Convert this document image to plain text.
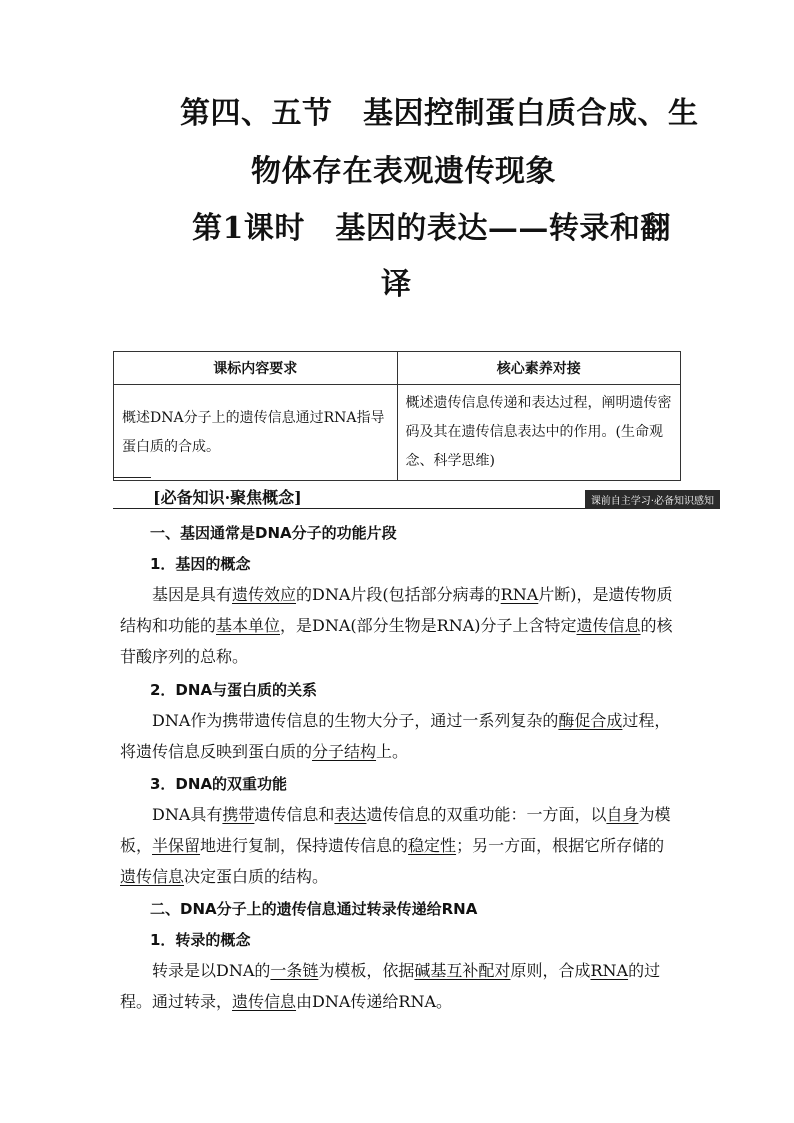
第四、五节　基因控制蛋白质合成、生
物体存在表观遗传现象
第1课时　基因的表达——转录和翻
译
课标内容要求	核心素养对接
概述DNA分子上的遗传信息通过RNA指导蛋白质的合成。	概述遗传信息传递和表达过程，阐明遗传密码及其在遗传信息表达中的作用。(生命观念、科学思维)
[必备知识·聚焦概念]	课前自主学习·必备知识感知
一、基因通常是DNA分子的功能片段
1．基因的概念
基因是具有遗传效应的DNA片段(包括部分病毒的RNA片断)，是遗传物质结构和功能的基本单位，是DNA(部分生物是RNA)分子上含特定遗传信息的核苷酸序列的总称。
2．DNA与蛋白质的关系
DNA作为携带遗传信息的生物大分子，通过一系列复杂的酶促合成过程，将遗传信息反映到蛋白质的分子结构上。
3．DNA的双重功能
DNA具有携带遗传信息和表达遗传信息的双重功能：一方面，以自身为模板，半保留地进行复制，保持遗传信息的稳定性；另一方面，根据它所存储的遗传信息决定蛋白质的结构。
二、DNA分子上的遗传信息通过转录传递给RNA
1．转录的概念
转录是以DNA的一条链为模板，依据碱基互补配对原则，合成RNA的过程。通过转录，遗传信息由DNA传递给RNA。
